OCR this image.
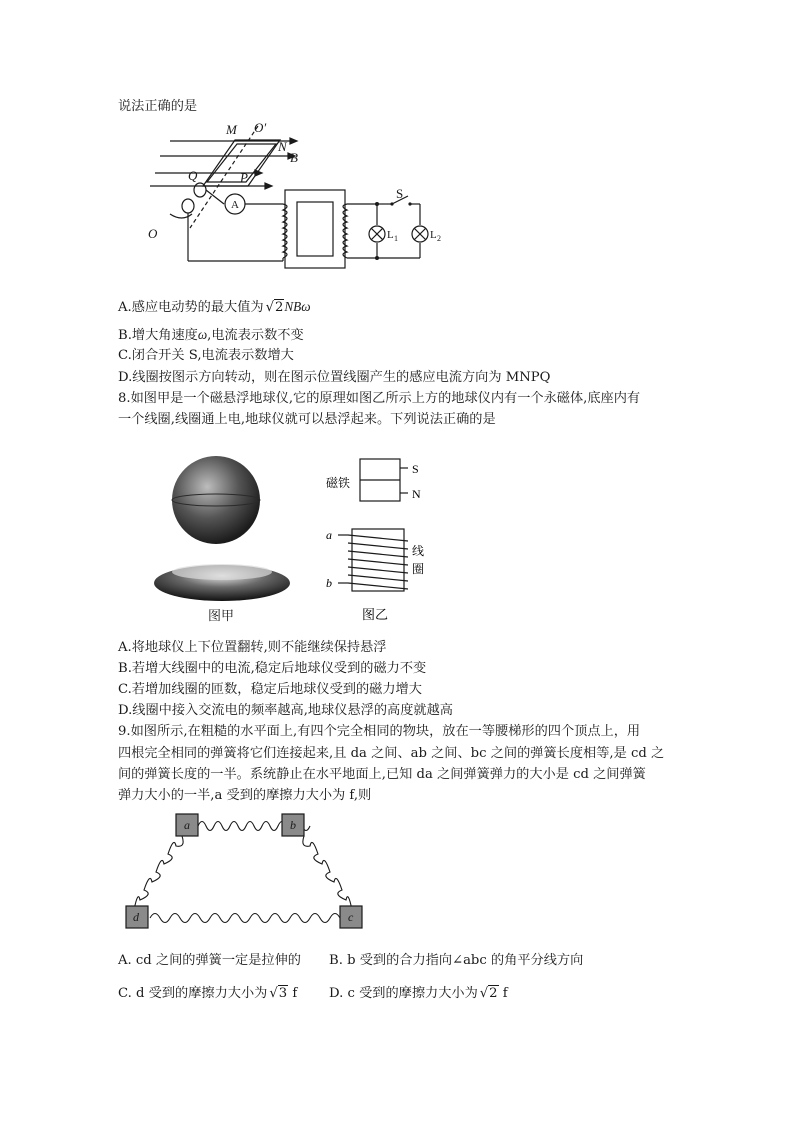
说法正确的是
M O′
N
B
Q	P
O
S
A
L 1	L 2
A.感应电动势的最大值为 √2NBω
B.增大角速度ω,电流表示数不变
C.闭合开关 S,电流表示数增大
D.线圈按图示方向转动，则在图示位置线圈产生的感应电流方向为 MNPQ
8.如图甲是一个磁悬浮地球仪,它的原理如图乙所示上方的地球仪内有一个永磁体,底座内有
一个线圈,线圈通上电,地球仪就可以悬浮起来。下列说法正确的是
图甲
磁铁
S
N
a
b
线
圈
图乙
A.将地球仪上下位置翻转,则不能继续保持悬浮
B.若增大线圈中的电流,稳定后地球仪受到的磁力不变
C.若增加线圈的匝数，稳定后地球仪受到的磁力增大
D.线圈中接入交流电的频率越高,地球仪悬浮的高度就越高
9.如图所示,在粗糙的水平面上,有四个完全相同的物块，放在一等腰梯形的四个顶点上，用
四根完全相同的弹簧将它们连接起来,且 da 之间、ab 之间、bc 之间的弹簧长度相等,是 cd 之
间的弹簧长度的一半。系统静止在水平地面上,已知 da 之间弹簧弹力的大小是 cd 之间弹簧
弹力大小的一半,a 受到的摩擦力大小为 f,则
a	b
c
d
A. cd 之间的弹簧一定是拉伸的 B. b 受到的合力指向∠abc 的角平分线方向
C. d 受到的摩擦力大小为 √3 f D. c 受到的摩擦力大小为 √2 f
